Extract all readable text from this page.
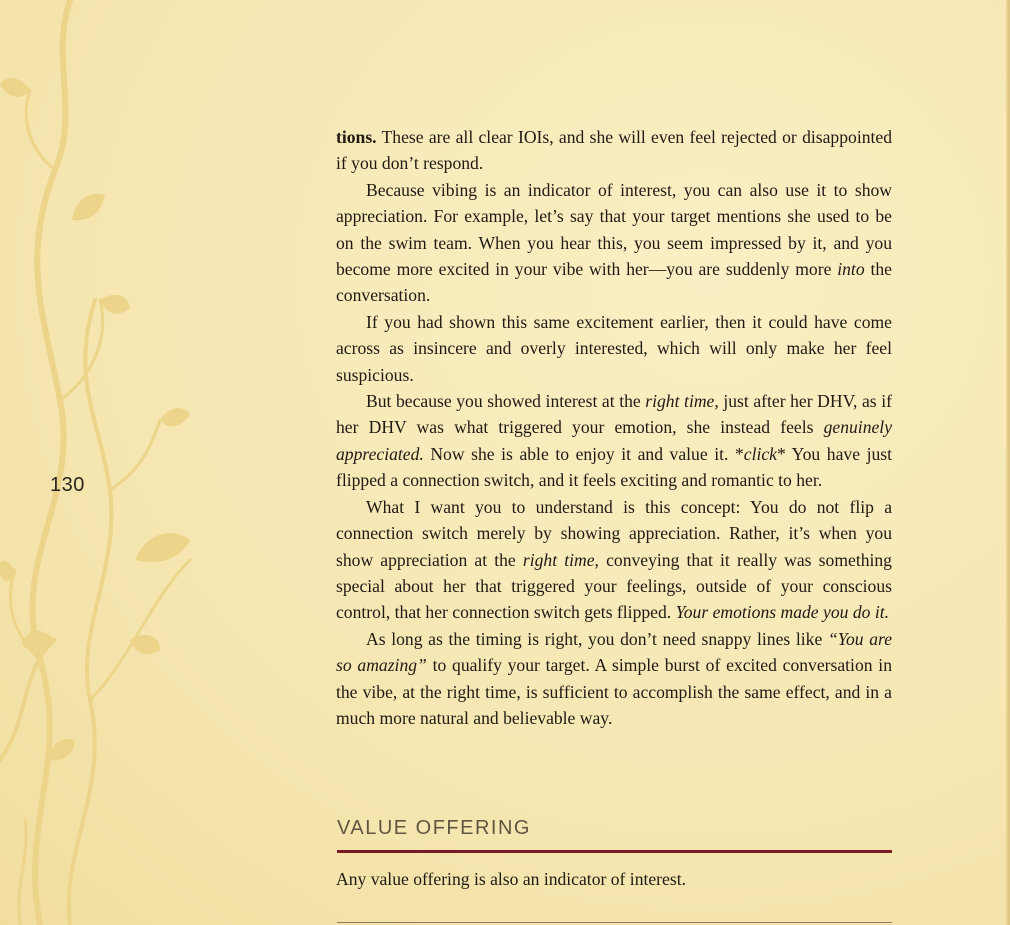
130

tions. These are all clear IOIs, and she will even feel rejected or disappointed if you don’t respond.

Because vibing is an indicator of interest, you can also use it to show appreciation. For example, let’s say that your target mentions she used to be on the swim team. When you hear this, you seem impressed by it, and you become more excited in your vibe with her—you are suddenly more into the conversation.

If you had shown this same excitement earlier, then it could have come across as insincere and overly interested, which will only make her feel suspicious.

But because you showed interest at the right time, just after her DHV, as if her DHV was what triggered your emotion, she instead feels genuinely appreciated. Now she is able to enjoy it and value it. *click* You have just flipped a connection switch, and it feels exciting and romantic to her.

What I want you to understand is this concept: You do not flip a connection switch merely by showing appreciation. Rather, it’s when you show appreciation at the right time, conveying that it really was something special about her that triggered your feelings, outside of your conscious control, that her connection switch gets flipped. Your emotions made you do it.

As long as the timing is right, you don’t need snappy lines like “You are so amazing” to qualify your target. A simple burst of excited conversation in the vibe, at the right time, is sufficient to accomplish the same effect, and in a much more natural and believable way.

VALUE OFFERING

Any value offering is also an indicator of interest.
